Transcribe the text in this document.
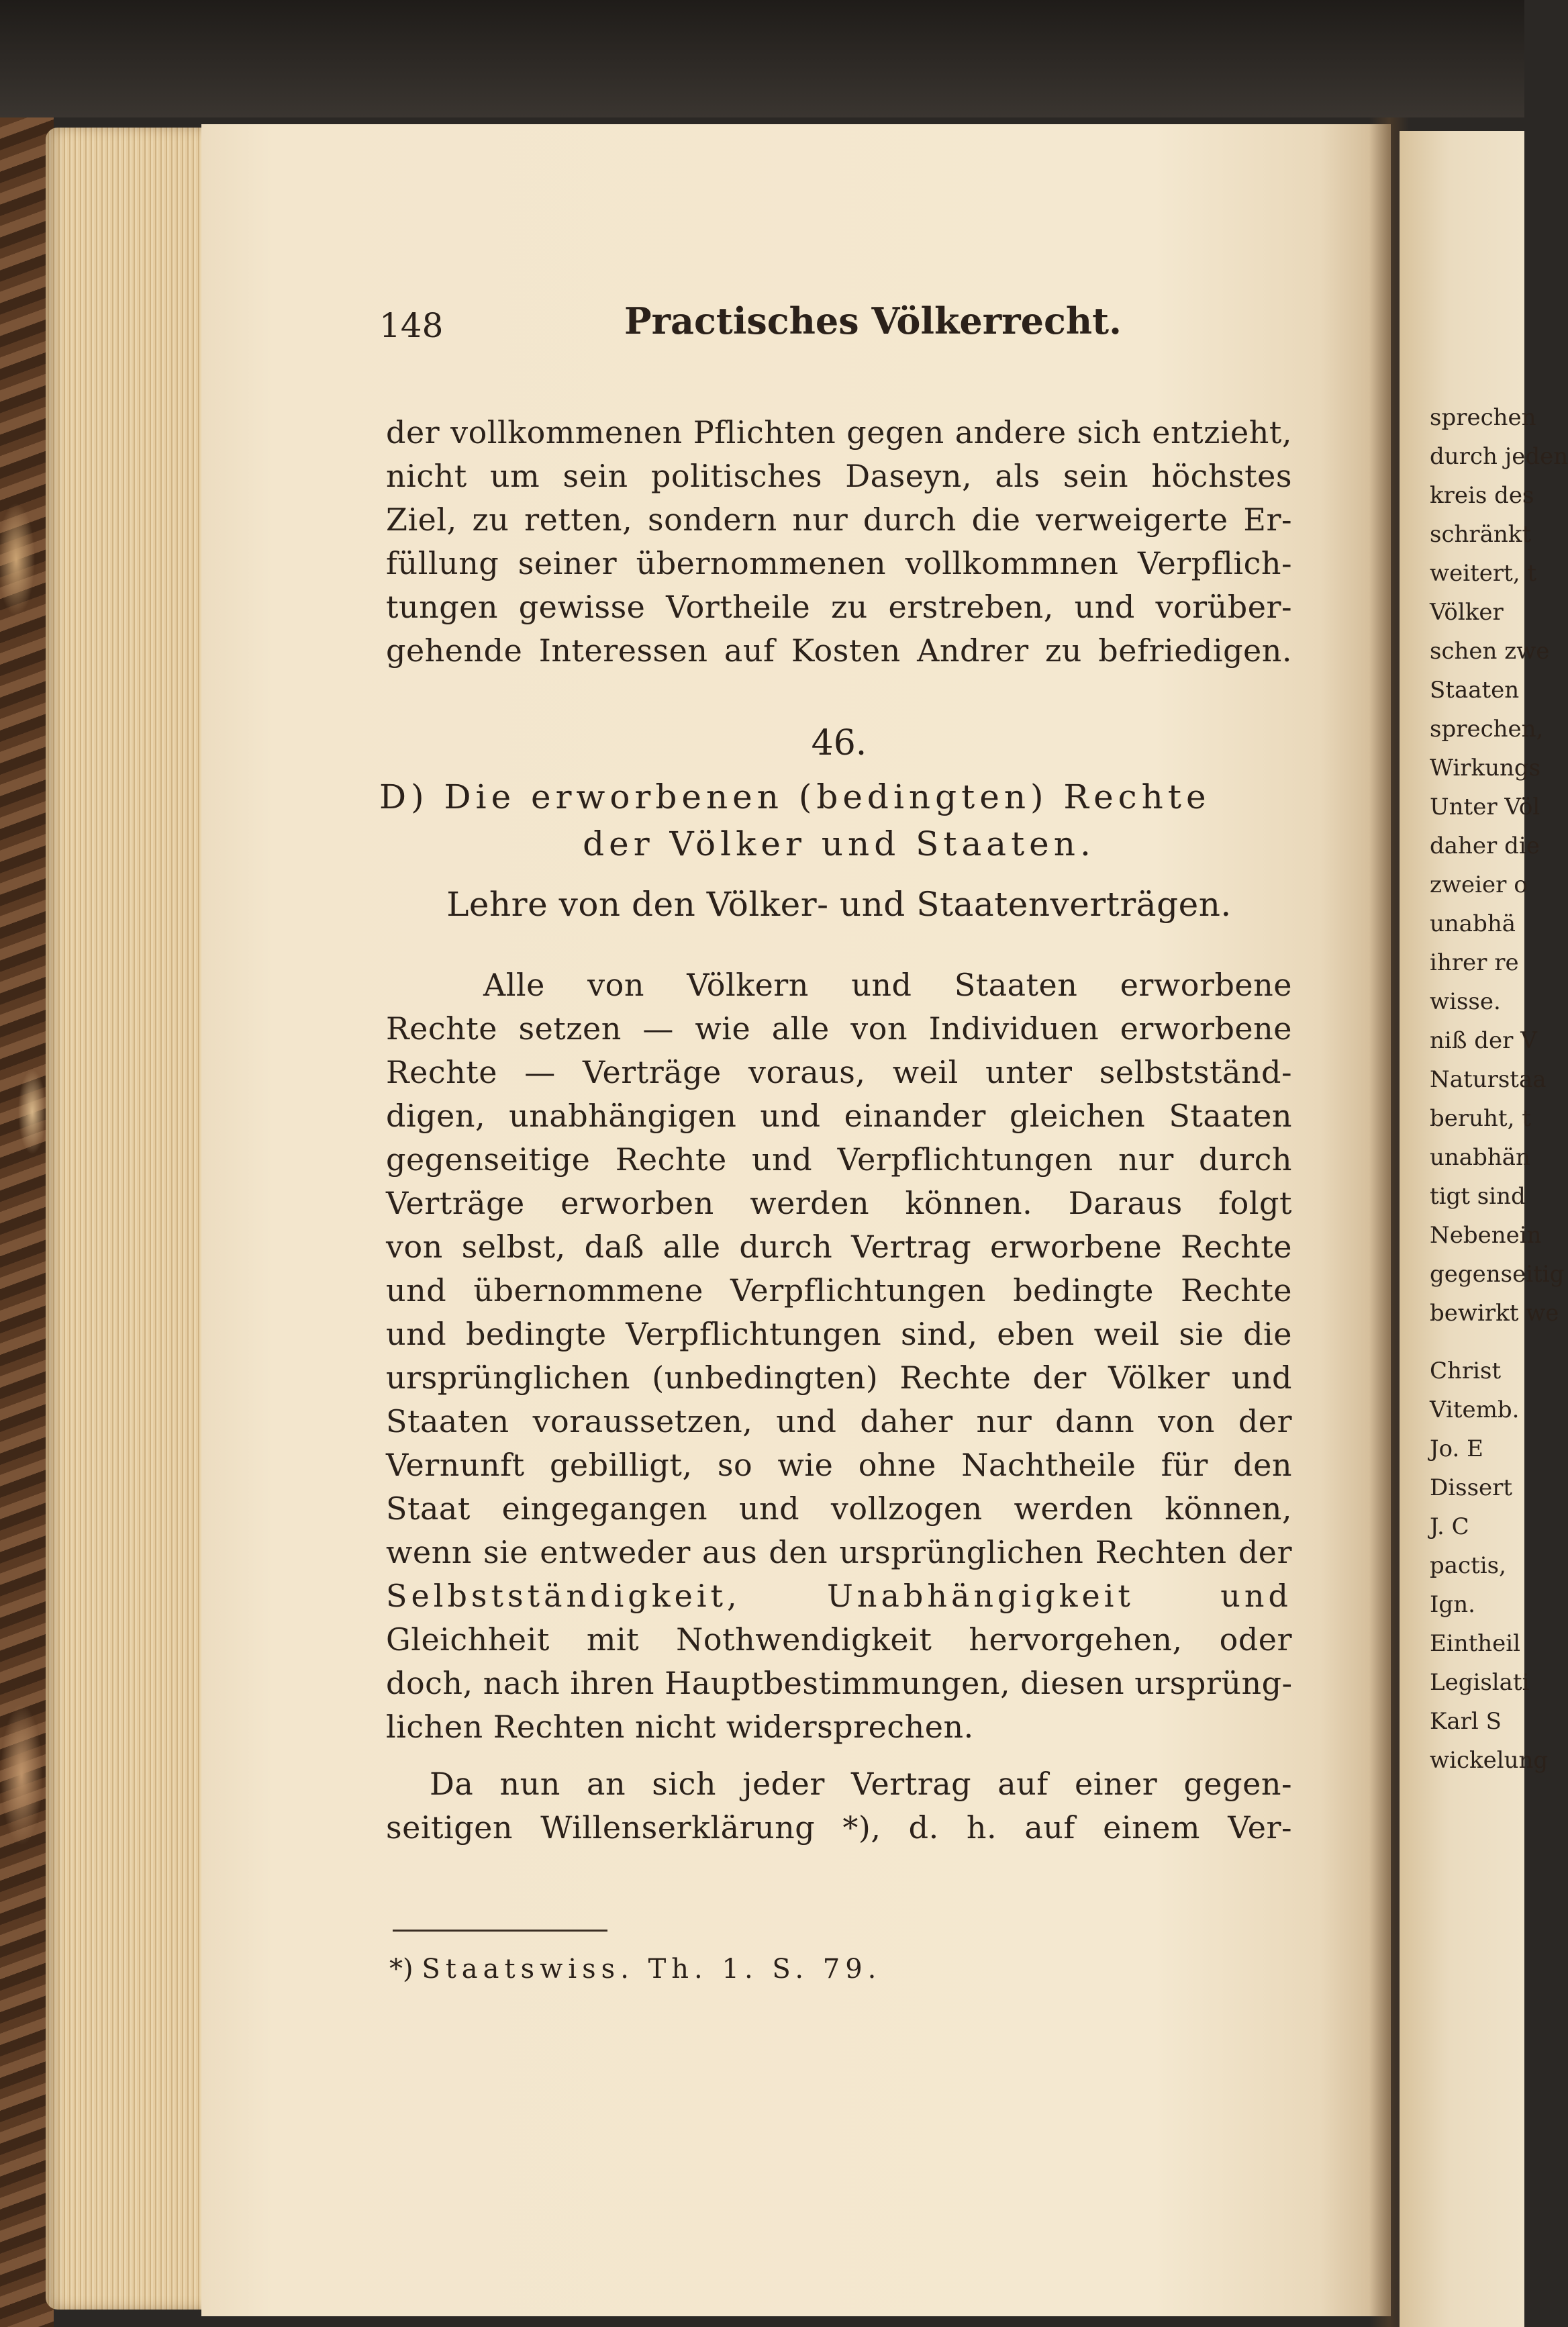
148	Practisches Völkerrecht.

der vollkommenen Pflichten gegen andere sich entzieht,

nicht um sein politisches Daseyn, als sein höchstes

Ziel, zu retten, sondern nur durch die verweigerte Er-

füllung seiner übernommenen vollkommnen Verpflich-

tungen gewisse Vortheile zu erstreben, und vorüber-

gehende Interessen auf Kosten Andrer zu befriedigen.

46.

D) Die erworbenen (bedingten) Rechte

der Völker und Staaten.

Lehre von den Völker- und Staatenverträgen.

Alle von Völkern und Staaten erworbene

Rechte setzen — wie alle von Individuen erworbene

Rechte — Verträge voraus, weil unter selbstständ-

digen, unabhängigen und einander gleichen Staaten

gegenseitige Rechte und Verpflichtungen nur durch

Verträge erworben werden können. Daraus folgt

von selbst, daß alle durch Vertrag erworbene Rechte

und übernommene Verpflichtungen bedingte Rechte

und bedingte Verpflichtungen sind, eben weil sie die

ursprünglichen (unbedingten) Rechte der Völker und

Staaten voraussetzen, und daher nur dann von der

Vernunft gebilligt, so wie ohne Nachtheile für den

Staat eingegangen und vollzogen werden können,

wenn sie entweder aus den ursprünglichen Rechten der

Selbstständigkeit, Unabhängigkeit und

Gleichheit mit Nothwendigkeit hervorgehen, oder

doch, nach ihren Hauptbestimmungen, diesen ursprüng-

lichen Rechten nicht widersprechen.

Da nun an sich jeder Vertrag auf einer gegen-

seitigen Willenserklärung *), d. h. auf einem Ver-

*) Staatswiss. Th. 1. S. 79.

sprechen

durch jeden

kreis des

schränkt

weitert, t

Völker

schen zwe

Staaten

sprechen,

Wirkungs

Unter Völ

daher die

zweier o

unabhä

ihrer re

wisse.

niß der V

Naturstaa

beruht, t

unabhän

tigt sind

Nebenein

gegenseitig

bewirkt we

Christ

Vitemb.

Jo. E

Dissert

J. C

pactis,

Ign.

Eintheil

Legislati

Karl S

wickelung
